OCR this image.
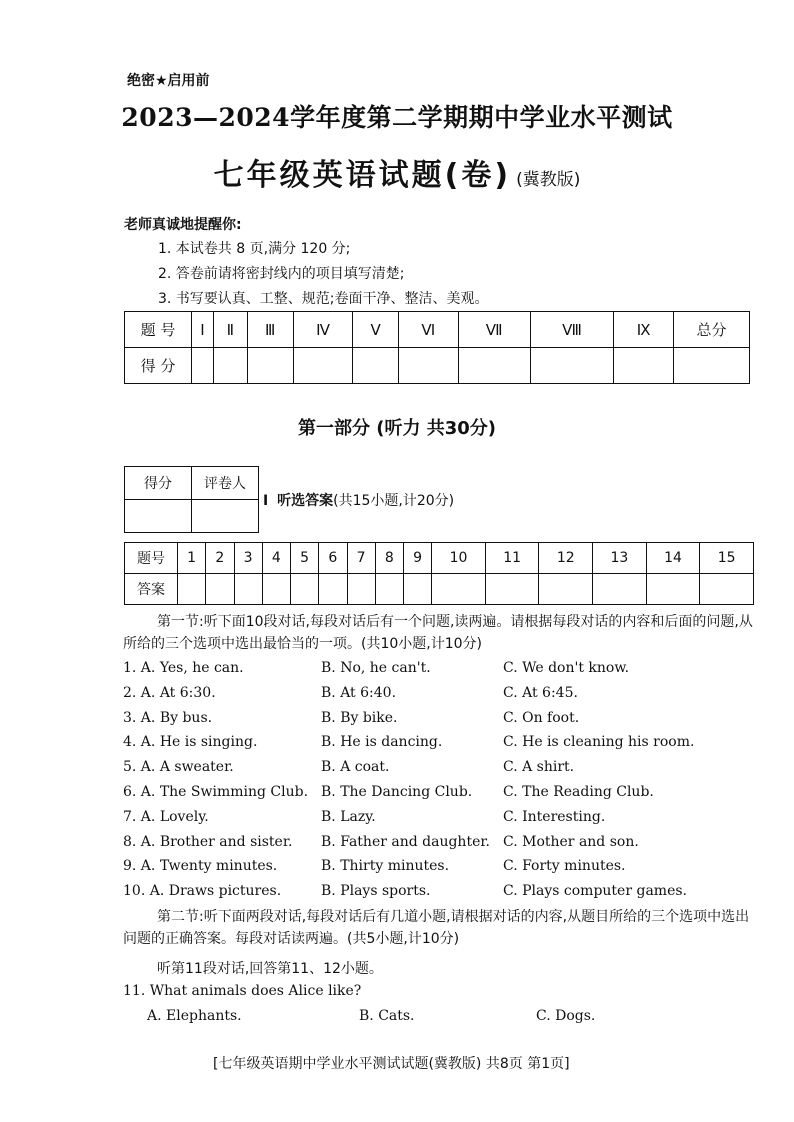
绝密★启用前
2023—2024学年度第二学期期中学业水平测试
七年级英语试题(卷) (冀教版)
老师真诚地提醒你:
1. 本试卷共 8 页,满分 120 分;
2. 答卷前请将密封线内的项目填写清楚;
3. 书写要认真、工整、规范;卷面干净、整洁、美观。
题 号	Ⅰ	Ⅱ	Ⅲ	Ⅳ	Ⅴ	Ⅵ	Ⅶ	Ⅷ	Ⅸ	总分
得 分										
第一部分 (听力 共30分)
得分	评卷人

Ⅰ 听选答案(共15小题,计20分)
题号	1	2	3	4	5	6	7	8	9	10	11	12	13	14	15
答案															
第一节:听下面10段对话,每段对话后有一个问题,读两遍。请根据每段对话的内容和后面的问题,从所给的三个选项中选出最恰当的一项。(共10小题,计10分)
1. A. Yes, he can.	B. No, he can't.	C. We don't know.
2. A. At 6:30.	B. At 6:40.	C. At 6:45.
3. A. By bus.	B. By bike.	C. On foot.
4. A. He is singing.	B. He is dancing.	C. He is cleaning his room.
5. A. A sweater.	B. A coat.	C. A shirt.
6. A. The Swimming Club. B. The Dancing Club. C. The Reading Club.
7. A. Lovely.	B. Lazy.	C. Interesting.
8. A. Brother and sister. B. Father and daughter. C. Mother and son.
9. A. Twenty minutes.	B. Thirty minutes.	C. Forty minutes.
10. A. Draws pictures.	B. Plays sports.	C. Plays computer games.
第二节:听下面两段对话,每段对话后有几道小题,请根据对话的内容,从题目所给的三个选项中选出问题的正确答案。每段对话读两遍。(共5小题,计10分)
听第11段对话,回答第11、12小题。
11. What animals does Alice like?
A. Elephants.	B. Cats.	C. Dogs.
[七年级英语期中学业水平测试试题(冀教版) 共8页 第1页]
